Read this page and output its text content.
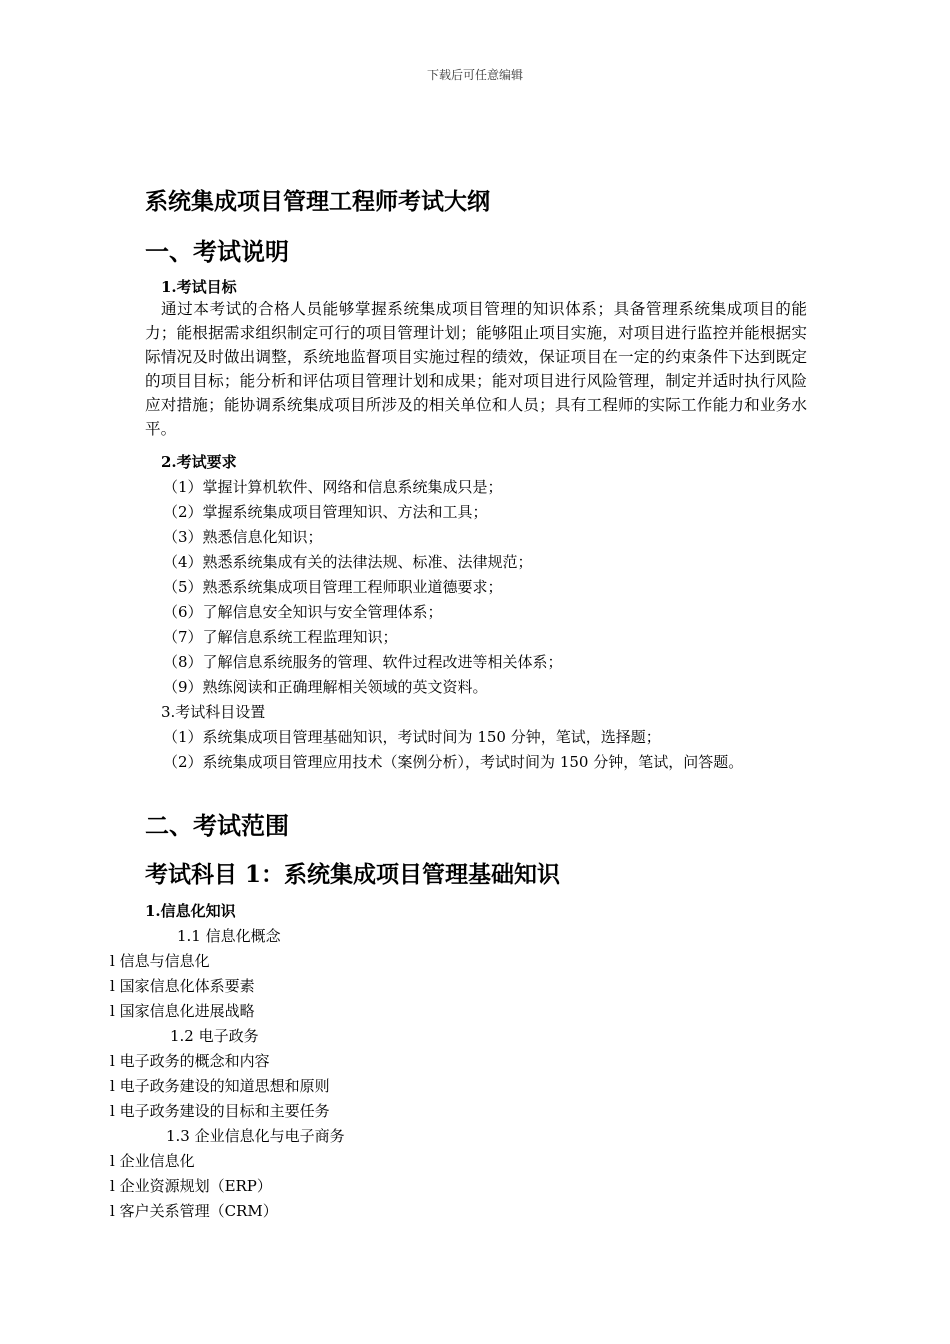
下载后可任意编辑
系统集成项目管理工程师考试大纲
一、考试说明
1.考试目标
通过本考试的合格人员能够掌握系统集成项目管理的知识体系；具备管理系统集成项目的能力；能根据需求组织制定可行的项目管理计划；能够阻止项目实施，对项目进行监控并能根据实际情况及时做出调整，系统地监督项目实施过程的绩效，保证项目在一定的约束条件下达到既定的项目目标；能分析和评估项目管理计划和成果；能对项目进行风险管理，制定并适时执行风险应对措施；能协调系统集成项目所涉及的相关单位和人员；具有工程师的实际工作能力和业务水平。
2.考试要求
（1）掌握计算机软件、网络和信息系统集成只是；
（2）掌握系统集成项目管理知识、方法和工具；
（3）熟悉信息化知识；
（4）熟悉系统集成有关的法律法规、标准、法律规范；
（5）熟悉系统集成项目管理工程师职业道德要求；
（6）了解信息安全知识与安全管理体系；
（7）了解信息系统工程监理知识；
（8）了解信息系统服务的管理、软件过程改进等相关体系；
（9）熟练阅读和正确理解相关领域的英文资料。
3.考试科目设置
（1）系统集成项目管理基础知识，考试时间为 150 分钟，笔试，选择题；
（2）系统集成项目管理应用技术（案例分析），考试时间为 150 分钟，笔试，问答题。
二、考试范围
考试科目 1：系统集成项目管理基础知识
1.信息化知识
1.1 信息化概念
l 信息与信息化
l 国家信息化体系要素
l 国家信息化进展战略
1.2 电子政务
l 电子政务的概念和内容
l 电子政务建设的知道思想和原则
l 电子政务建设的目标和主要任务
1.3 企业信息化与电子商务
l 企业信息化
l 企业资源规划（ERP）
l 客户关系管理（CRM）
